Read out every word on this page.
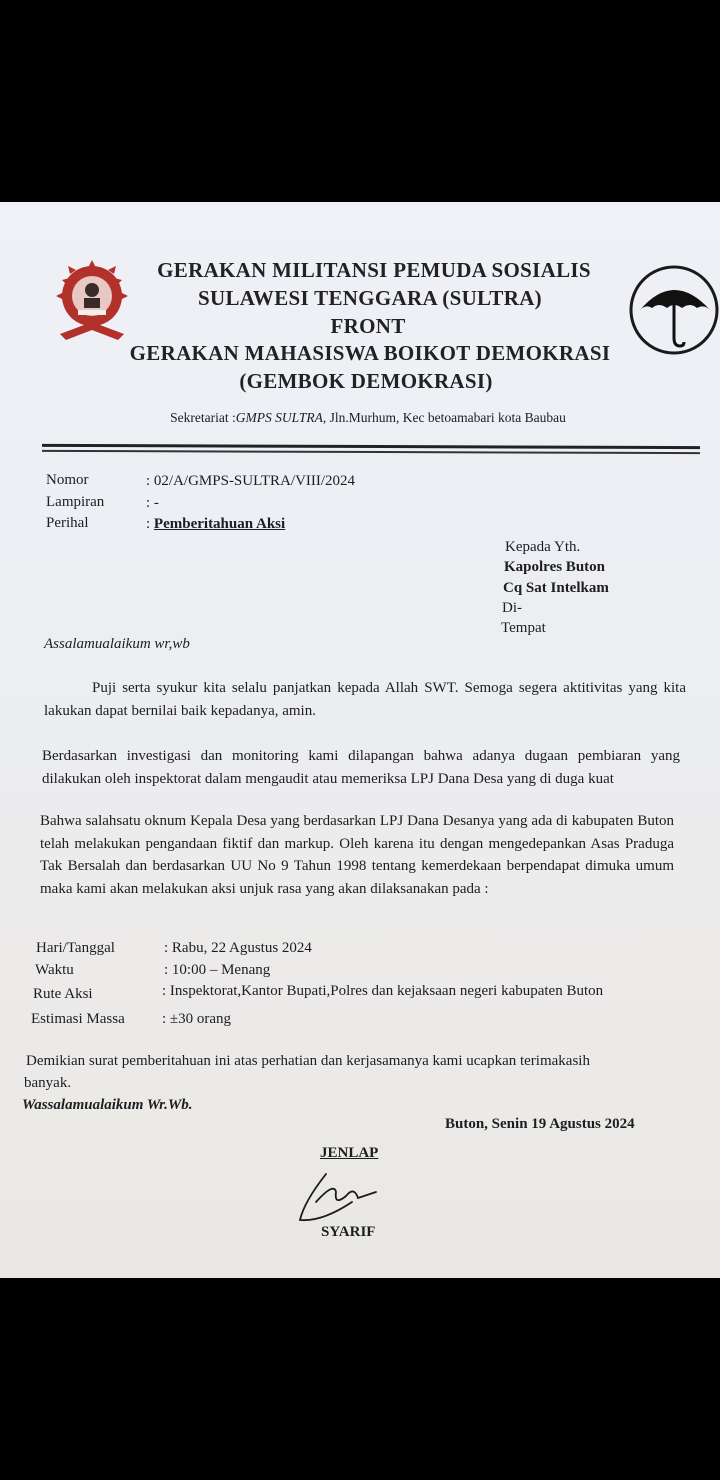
GERAKAN MILITANSI PEMUDA SOSIALIS
SULAWESI TENGGARA (SULTRA)
FRONT
GERAKAN MAHASISWA BOIKOT DEMOKRASI
(GEMBOK DEMOKRASI)
Sekretariat :GMPS SULTRA, Jln.Murhum, Kec betoamabari kota Baubau
Nomor	: 02/A/GMPS-SULTRA/VIII/2024
Lampiran	: -
Perihal	: Pemberitahuan Aksi
Kepada Yth.
Kapolres Buton
Cq Sat Intelkam
Di-
Tempat
Assalamualaikum wr,wb
Puji serta syukur kita selalu panjatkan kepada Allah SWT. Semoga segera aktitivitas yang kita lakukan dapat bernilai baik kepadanya, amin.
Berdasarkan investigasi dan monitoring kami dilapangan bahwa adanya dugaan pembiaran yang dilakukan oleh inspektorat dalam mengaudit atau memeriksa LPJ Dana Desa yang di duga kuat
Bahwa salahsatu oknum Kepala Desa yang berdasarkan LPJ Dana Desanya yang ada di kabupaten Buton telah melakukan pengandaan fiktif dan markup. Oleh karena itu dengan mengedepankan Asas Praduga Tak Bersalah dan berdasarkan UU No 9 Tahun 1998 tentang kemerdekaan berpendapat dimuka umum maka kami akan melakukan aksi unjuk rasa yang akan dilaksanakan pada :
Hari/Tanggal	: Rabu, 22 Agustus 2024
Waktu	: 10:00 – Menang
Rute Aksi	: Inspektorat,Kantor Bupati,Polres dan kejaksaan negeri kabupaten Buton
Estimasi Massa : ±30 orang
Demikian surat pemberitahuan ini atas perhatian dan kerjasamanya kami ucapkan terimakasih
banyak.
Wassalamualaikum Wr.Wb.
Buton, Senin 19 Agustus 2024
JENLAP
SYARIF
